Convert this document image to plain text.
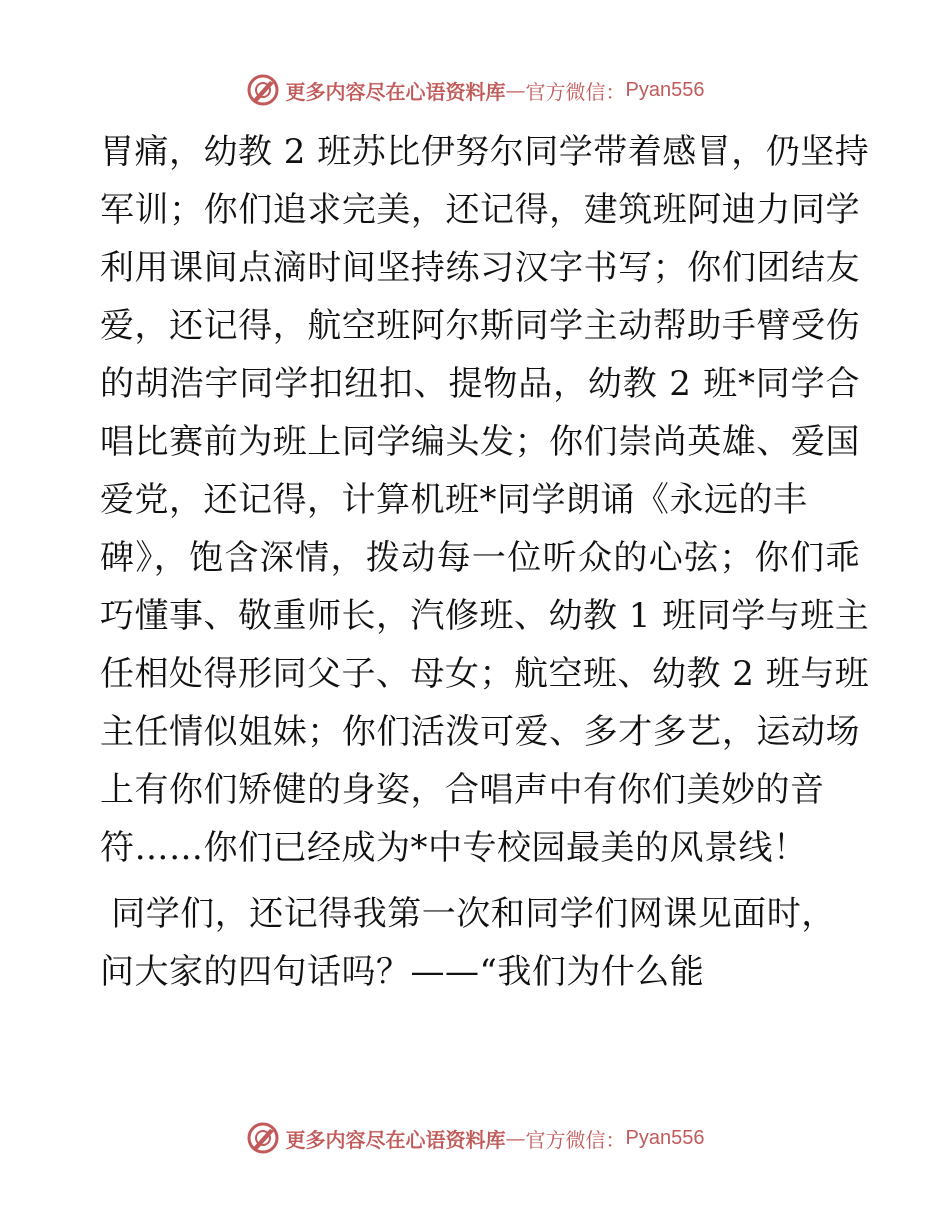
更多内容尽在心语资料库 — 官方微信： Pyan556
胃痛，幼教 2 班苏比伊努尔同学带着感冒，仍坚持
军训；你们追求完美，还记得，建筑班阿迪力同学
利用课间点滴时间坚持练习汉字书写；你们团结友
爱，还记得，航空班阿尔斯同学主动帮助手臂受伤
的胡浩宇同学扣纽扣、提物品，幼教 2 班*同学合
唱比赛前为班上同学编头发；你们崇尚英雄、爱国
爱党，还记得，计算机班*同学朗诵《永远的丰
碑》，饱含深情，拨动每一位听众的心弦；你们乖
巧懂事、敬重师长，汽修班、幼教 1 班同学与班主
任相处得形同父子、母女；航空班、幼教 2 班与班
主任情似姐妹；你们活泼可爱、多才多艺，运动场
上有你们矫健的身姿，合唱声中有你们美妙的音
符……你们已经成为*中专校园最美的风景线！
同学们，还记得我第一次和同学们网课见面时，
问大家的四句话吗？——“我们为什么能
更多内容尽在心语资料库 — 官方微信： Pyan556
